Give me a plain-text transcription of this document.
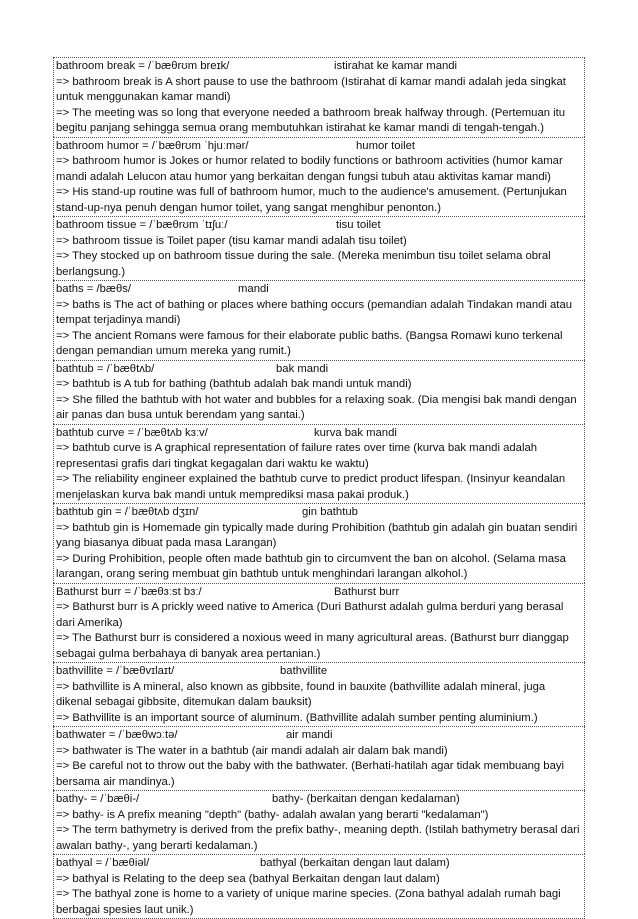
bathroom break = /ˈbæθrʊm breɪk/	istirahat ke kamar mandi
=> bathroom break is A short pause to use the bathroom (Istirahat di kamar mandi adalah jeda singkat untuk menggunakan kamar mandi)
=> The meeting was so long that everyone needed a bathroom break halfway through. (Pertemuan itu begitu panjang sehingga semua orang membutuhkan istirahat ke kamar mandi di tengah-tengah.)
bathroom humor = /ˈbæθrʊm ˈhjuːmər/	humor toilet
=> bathroom humor is Jokes or humor related to bodily functions or bathroom activities (humor kamar mandi adalah Lelucon atau humor yang berkaitan dengan fungsi tubuh atau aktivitas kamar mandi)
=> His stand-up routine was full of bathroom humor, much to the audience's amusement. (Pertunjukan stand-up-nya penuh dengan humor toilet, yang sangat menghibur penonton.)
bathroom tissue = /ˈbæθrʊm ˈtɪʃuː/	tisu toilet
=> bathroom tissue is Toilet paper (tisu kamar mandi adalah tisu toilet)
=> They stocked up on bathroom tissue during the sale. (Mereka menimbun tisu toilet selama obral berlangsung.)
baths = /bæθs/	mandi
=> baths is The act of bathing or places where bathing occurs (pemandian adalah Tindakan mandi atau tempat terjadinya mandi)
=> The ancient Romans were famous for their elaborate public baths. (Bangsa Romawi kuno terkenal dengan pemandian umum mereka yang rumit.)
bathtub = /ˈbæθtʌb/	bak mandi
=> bathtub is A tub for bathing (bathtub adalah bak mandi untuk mandi)
=> She filled the bathtub with hot water and bubbles for a relaxing soak. (Dia mengisi bak mandi dengan air panas dan busa untuk berendam yang santai.)
bathtub curve = /ˈbæθtʌb kɜːv/	kurva bak mandi
=> bathtub curve is A graphical representation of failure rates over time (kurva bak mandi adalah representasi grafis dari tingkat kegagalan dari waktu ke waktu)
=> The reliability engineer explained the bathtub curve to predict product lifespan. (Insinyur keandalan menjelaskan kurva bak mandi untuk memprediksi masa pakai produk.)
bathtub gin = /ˈbæθtʌb dʒɪn/	gin bathtub
=> bathtub gin is Homemade gin typically made during Prohibition (bathtub gin adalah gin buatan sendiri yang biasanya dibuat pada masa Larangan)
=> During Prohibition, people often made bathtub gin to circumvent the ban on alcohol. (Selama masa larangan, orang sering membuat gin bathtub untuk menghindari larangan alkohol.)
Bathurst burr = /ˈbæθɜːst bɜː/	Bathurst burr
=> Bathurst burr is A prickly weed native to America (Duri Bathurst adalah gulma berduri yang berasal dari Amerika)
=> The Bathurst burr is considered a noxious weed in many agricultural areas. (Bathurst burr dianggap sebagai gulma berbahaya di banyak area pertanian.)
bathvillite = /ˈbæθvɪlaɪt/	bathvillite
=> bathvillite is A mineral, also known as gibbsite, found in bauxite (bathvillite adalah mineral, juga dikenal sebagai gibbsite, ditemukan dalam bauksit)
=> Bathvillite is an important source of aluminum. (Bathvillite adalah sumber penting aluminium.)
bathwater = /ˈbæθwɔːtə/	air mandi
=> bathwater is The water in a bathtub (air mandi adalah air dalam bak mandi)
=> Be careful not to throw out the baby with the bathwater. (Berhati-hatilah agar tidak membuang bayi bersama air mandinya.)
bathy- = /ˈbæθi-/	bathy- (berkaitan dengan kedalaman)
=> bathy- is A prefix meaning "depth" (bathy- adalah awalan yang berarti "kedalaman")
=> The term bathymetry is derived from the prefix bathy-, meaning depth. (Istilah bathymetry berasal dari awalan bathy-, yang berarti kedalaman.)
bathyal = /ˈbæθiəl/	bathyal (berkaitan dengan laut dalam)
=> bathyal is Relating to the deep sea (bathyal Berkaitan dengan laut dalam)
=> The bathyal zone is home to a variety of unique marine species. (Zona bathyal adalah rumah bagi berbagai spesies laut unik.)
